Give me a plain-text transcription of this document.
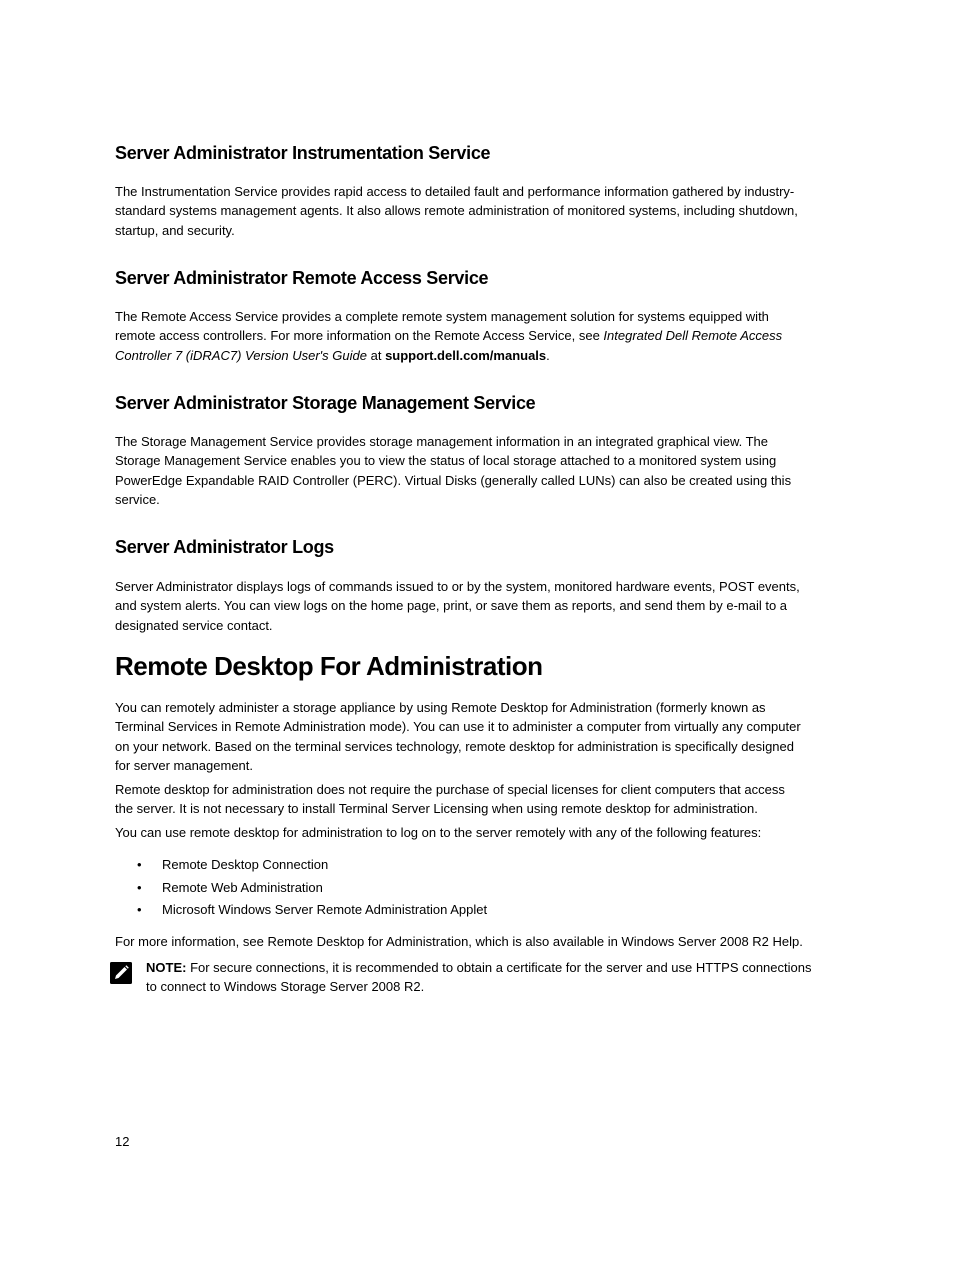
Server Administrator Instrumentation Service
The Instrumentation Service provides rapid access to detailed fault and performance information gathered by industry-
standard systems management agents. It also allows remote administration of monitored systems, including shutdown,
startup, and security.
Server Administrator Remote Access Service
The Remote Access Service provides a complete remote system management solution for systems equipped with
remote access controllers. For more information on the Remote Access Service, see Integrated Dell Remote Access
Controller 7 (iDRAC7) Version User's Guide at support.dell.com/manuals.
Server Administrator Storage Management Service
The Storage Management Service provides storage management information in an integrated graphical view. The
Storage Management Service enables you to view the status of local storage attached to a monitored system using
PowerEdge Expandable RAID Controller (PERC). Virtual Disks (generally called LUNs) can also be created using this
service.
Server Administrator Logs
Server Administrator displays logs of commands issued to or by the system, monitored hardware events, POST events,
and system alerts. You can view logs on the home page, print, or save them as reports, and send them by e-mail to a
designated service contact.
Remote Desktop For Administration
You can remotely administer a storage appliance by using Remote Desktop for Administration (formerly known as
Terminal Services in Remote Administration mode). You can use it to administer a computer from virtually any computer
on your network. Based on the terminal services technology, remote desktop for administration is specifically designed
for server management.
Remote desktop for administration does not require the purchase of special licenses for client computers that access
the server. It is not necessary to install Terminal Server Licensing when using remote desktop for administration.
You can use remote desktop for administration to log on to the server remotely with any of the following features:
• Remote Desktop Connection
• Remote Web Administration
• Microsoft Windows Server Remote Administration Applet
For more information, see Remote Desktop for Administration, which is also available in Windows Server 2008 R2 Help.
NOTE: For secure connections, it is recommended to obtain a certificate for the server and use HTTPS connections
to connect to Windows Storage Server 2008 R2.
12
